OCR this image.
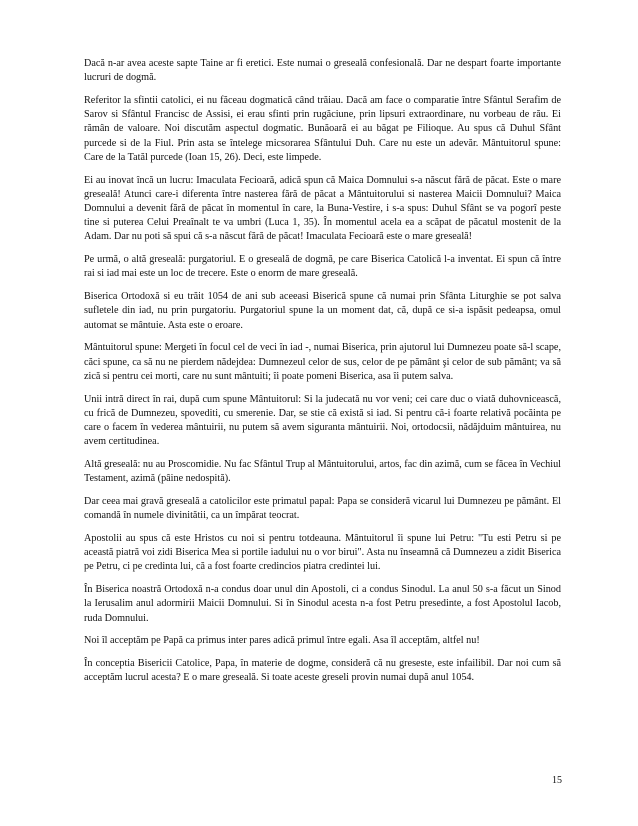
Dacă n-ar avea aceste sapte Taine ar fi eretici. Este numai o greseală confesională. Dar ne despart foarte importante lucruri de dogmă.

Referitor la sfintii catolici, ei nu făceau dogmatică când trăiau. Dacă am face o comparatie între Sfântul Serafim de Sarov si Sfântul Francisc de Assisi, ei erau sfinti prin rugăciune, prin lipsuri extraordinare, nu vorbeau de rău. Ei rămân de valoare. Noi discutăm aspectul dogmatic. Bunăoară ei au băgat pe Filioque. Au spus că Duhul Sfânt purcede si de la Fiul. Prin asta se întelege micsorarea Sfântului Duh. Care nu este un adevăr. Mântuitorul spune: Care de la Tatăl purcede (Ioan 15, 26). Deci, este limpede.

Ei au inovat încă un lucru: Imaculata Fecioară, adică spun că Maica Domnului s-a născut fără de păcat. Este o mare greseală! Atunci care-i diferenta între nasterea fără de păcat a Mântuitorului si nasterea Maicii Domnului? Maica Domnului a devenit fără de păcat în momentul în care, la Buna-Vestire, i s-a spus: Duhul Sfânt se va pogorî peste tine si puterea Celui Preaînalt te va umbri (Luca 1, 35). În momentul acela ea a scăpat de păcatul mostenit de la Adam. Dar nu poti să spui că s-a născut fără de păcat! Imaculata Fecioară este o mare greseală!

Pe urmă, o altă greseală: purgatoriul. E o greseală de dogmă, pe care Biserica Catolică l-a inventat. Ei spun că între rai si iad mai este un loc de trecere. Este o enorm de mare greseală.

Biserica Ortodoxă si eu trăit 1054 de ani sub aceeasi Biserică spune că numai prin Sfânta Liturghie se pot salva sufletele din iad, nu prin purgatoriu. Purgatoriul spune la un moment dat, că, după ce si-a ispăsit pedeapsa, omul automat se mântuie. Asta este o eroare.

Mântuitorul spune: Mergeti în focul cel de veci în iad -, numai Biserica, prin ajutorul lui Dumnezeu poate să-l scape, căci spune, ca să nu ne pierdem nădejdea: Dumnezeul celor de sus, celor de pe pământ şi celor de sub pământ; va să zică si pentru cei morti, care nu sunt mântuiti; îi poate pomeni Biserica, asa îi putem salva.

Unii intră direct în rai, după cum spune Mântuitorul: Si la judecată nu vor veni; cei care duc o viată duhovnicească, cu frică de Dumnezeu, spovediti, cu smerenie. Dar, se stie că există si iad. Si pentru că-i foarte relativă pocăinta pe care o facem în vederea mântuirii, nu putem să avem siguranta mântuirii. Noi, ortodocsii, nădăjduim mântuirea, nu avem certitudinea.

Altă greseală: nu au Proscomidie. Nu fac Sfântul Trup al Mântuitorului, artos, fac din azimă, cum se făcea în Vechiul Testament, azimă (pâine nedospită).

Dar ceea mai gravă greseală a catolicilor este primatul papal: Papa se consideră vicarul lui Dumnezeu pe pământ. El comandă în numele divinitătii, ca un împărat teocrat.

Apostolii au spus că este Hristos cu noi si pentru totdeauna. Mântuitorul îi spune lui Petru: "Tu esti Petru si pe această piatră voi zidi Biserica Mea si portile iadului nu o vor birui". Asta nu înseamnă că Dumnezeu a zidit Biserica pe Petru, ci pe credinta lui, că a fost foarte credincios piatra credintei lui.

În Biserica noastră Ortodoxă n-a condus doar unul din Apostoli, ci a condus Sinodul. La anul 50 s-a făcut un Sinod la Ierusalim anul adormirii Maicii Domnului. Si în Sinodul acesta n-a fost Petru presedinte, a fost Apostolul Iacob, ruda Domnului.

Noi îl acceptăm pe Papă ca primus inter pares adică primul între egali. Asa îl acceptăm, altfel nu!

În conceptia Bisericii Catolice, Papa, în materie de dogme, consideră că nu greseste, este infailibil. Dar noi cum să acceptăm lucrul acesta? E o mare greseală. Si toate aceste greseli provin numai după anul 1054.

15
